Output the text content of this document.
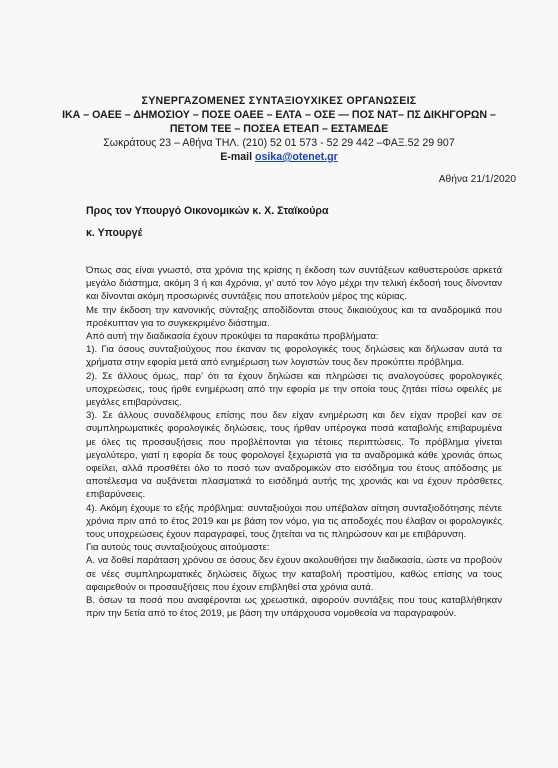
ΣΥΝΕΡΓΑΖΟΜΕΝΕΣ ΣΥΝΤΑΞΙΟΥΧΙΚΕΣ ΟΡΓΑΝΩΣΕΙΣ
ΙΚΑ – ΟΑΕΕ – ΔΗΜΟΣΙΟΥ – ΠΟΣΕ ΟΑΕΕ – ΕΛΤΑ – ΟΣΕ — ΠΟΣ ΝΑΤ– ΠΣ ΔΙΚΗΓΟΡΩΝ –
ΠΕΤΟΜ ΤΕΕ – ΠΟΣΕΑ ΕΤΕΑΠ – ΕΣΤΑΜΕΔΕ
Σωκράτους 23 – Αθήνα ΤΗΛ. (210) 52 01 573 - 52 29 442 –ΦΑΞ.52 29 907
E-mail osika@otenet.gr
Αθήνα 21/1/2020
Προς τον Υπουργό Οικονομικών κ. Χ. Σταϊκούρα
κ. Υπουργέ

Όπως σας είναι γνωστό, στα χρόνια της κρίσης η έκδοση των συντάξεων καθυστερούσε αρκετά μεγάλο διάστημα, ακόμη 3 ή και 4χρόνια, γι’ αυτό τον λόγο μέχρι την τελική έκδοσή τους δίνονταν και δίνονται ακόμη προσωρινές συντάξεις που αποτελούν μέρος της κύριας.

Με την έκδοση την κανονικής σύνταξης αποδίδονται στους δικαιούχους και τα αναδρομικά που προέκυπταν για το συγκεκριμένο διάστημα.

Από αυτή την διαδικασία έχουν προκύψει τα παρακάτω προβλήματα:

1). Για όσους συνταξιούχους που έκαναν τις φορολογικές τους δηλώσεις και δήλωσαν αυτά τα χρήματα στην εφορία μετά από ενημέρωση των λογιστών τους δεν προκύπτει πρόβλημα.

2). Σε άλλους όμως, παρ’ ότι τα έχουν δηλώσει και πληρώσει τις αναλογούσες φορολογικές υποχρεώσεις, τους ήρθε ενημέρωση από την εφορία με την οποία τους ζητάει πίσω οφειλές με μεγάλες επιβαρύνσεις.

3). Σε άλλους συναδέλφους επίσης που δεν είχαν ενημέρωση και δεν είχαν προβεί καν σε συμπληρωματικές φορολογικές δηλώσεις, τους ήρθαν υπέρογκα ποσά καταβολής επιβαρυμένα με όλες τις προσαυξήσεις που προβλέπονται για τέτοιες περιπτώσεις. Το πρόβλημα γίνεται μεγαλύτερο, γιατί η εφορία δε τους φορολογεί ξεχωριστά για τα αναδρομικά κάθε χρονιάς όπως οφείλει, αλλά προσθέτει όλο το ποσό των αναδρομικών στο εισόδημα του έτους απόδοσης με αποτέλεσμα να αυξάνεται πλασματικά το εισόδημά αυτής της χρονιάς και να έχουν πρόσθετες επιβαρύνσεις.

4). Ακόμη έχουμε το εξής πρόβλημα: συνταξιούχοι που υπέβαλαν αίτηση συνταξιοδότησης πέντε χρόνια πριν από το έτος 2019 και με βάση τον νόμο, για τις αποδοχές που έλαβαν οι φορολογικές τους υποχρεώσεις έχουν παραγραφεί, τους ζητείται να τις πληρώσουν και με επιβάρυνση.

Για αυτούς τους συνταξιούχους αιτούμαστε:

Α. να δοθεί παράταση χρόνου σε όσους δεν έχουν ακολουθήσει την διαδικασία, ώστε να προβούν σε νέες συμπληρωματικές δηλώσεις δίχως την καταβολή προστίμου, καθώς επίσης να τους αφαιρεθούν οι προσαυξήσεις που έχουν επιβληθεί στα χρόνια αυτά.

Β. όσων τα ποσά που αναφέρονται ως χρεωστικά, αφορούν συντάξεις που τους καταβλήθηκαν πριν την 5ετία από το έτος 2019, με βάση την υπάρχουσα νομοθεσία να παραγραφούν.
